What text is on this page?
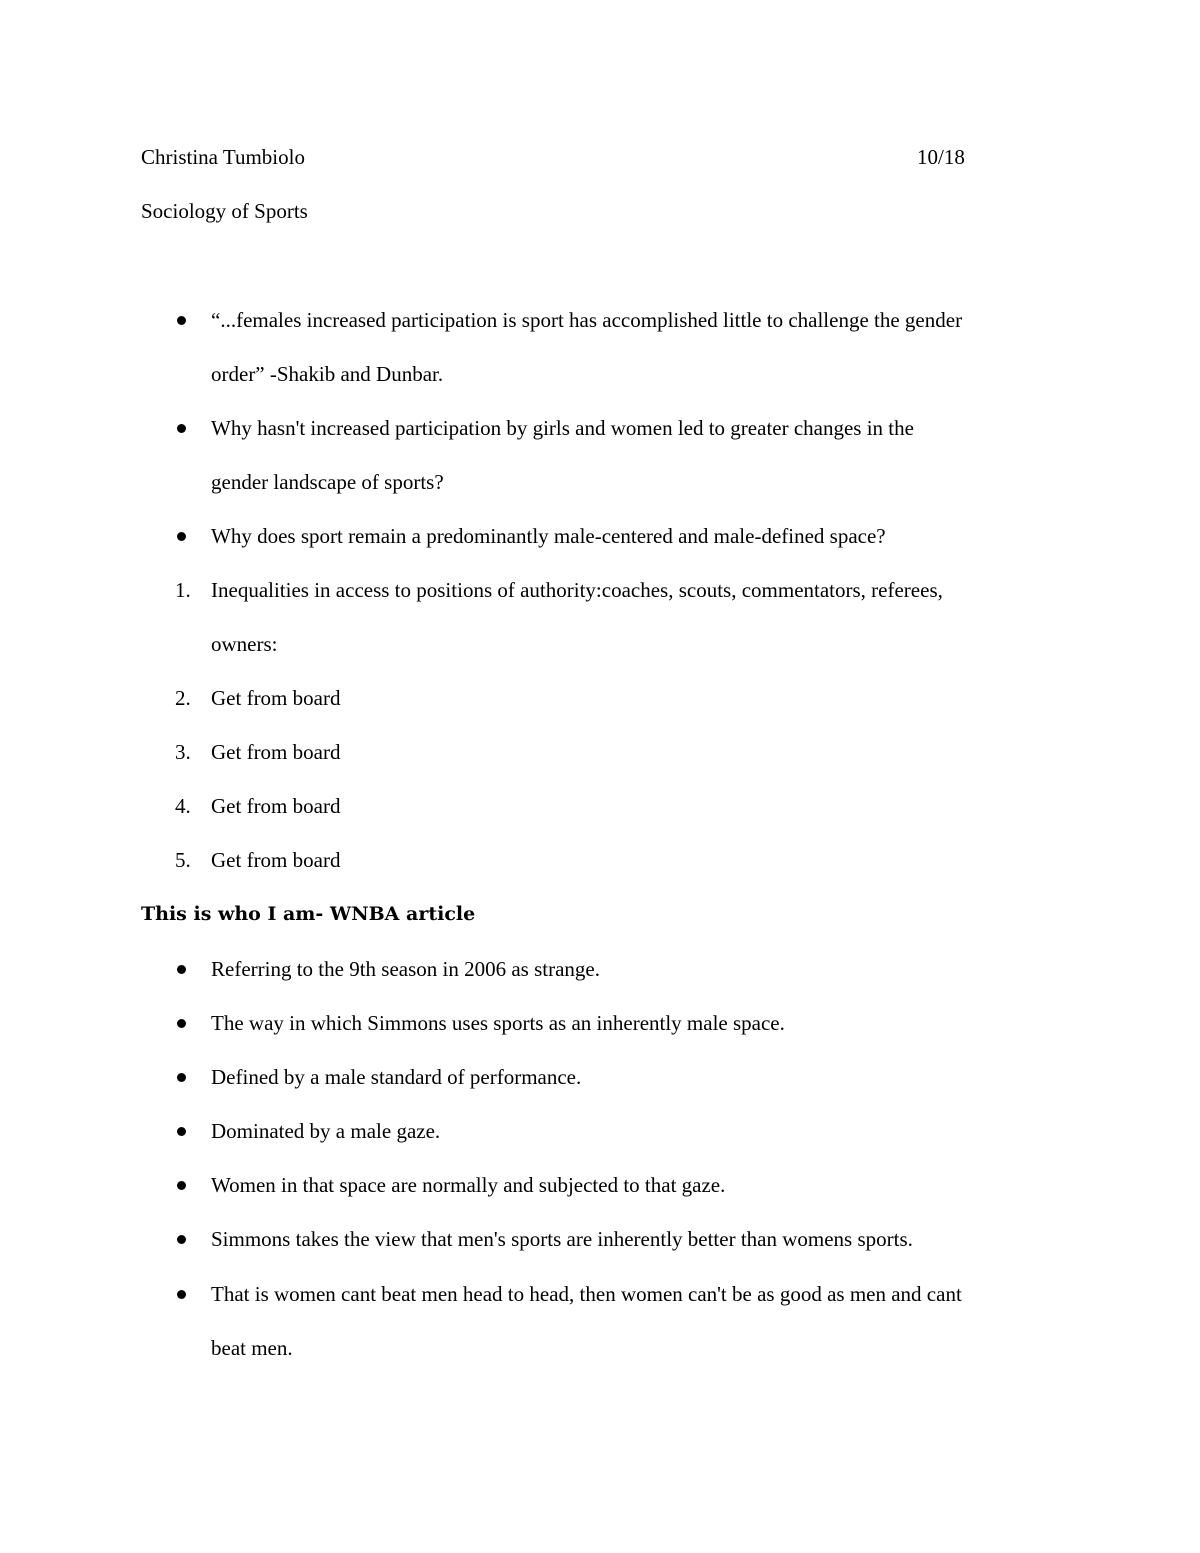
Christina Tumbiolo	10/18
Sociology of Sports
“...females increased participation is sport has accomplished little to challenge the gender
order” -Shakib and Dunbar.
Why hasn't increased participation by girls and women led to greater changes in the
gender landscape of sports?
Why does sport remain a predominantly male-centered and male-defined space?
1. Inequalities in access to positions of authority:coaches, scouts, commentators, referees,
owners:
2. Get from board
3. Get from board
4. Get from board
5. Get from board
This is who I am- WNBA article
Referring to the 9th season in 2006 as strange.
The way in which Simmons uses sports as an inherently male space.
Defined by a male standard of performance.
Dominated by a male gaze.
Women in that space are normally and subjected to that gaze.
Simmons takes the view that men's sports are inherently better than womens sports.
That is women cant beat men head to head, then women can't be as good as men and cant
beat men.
